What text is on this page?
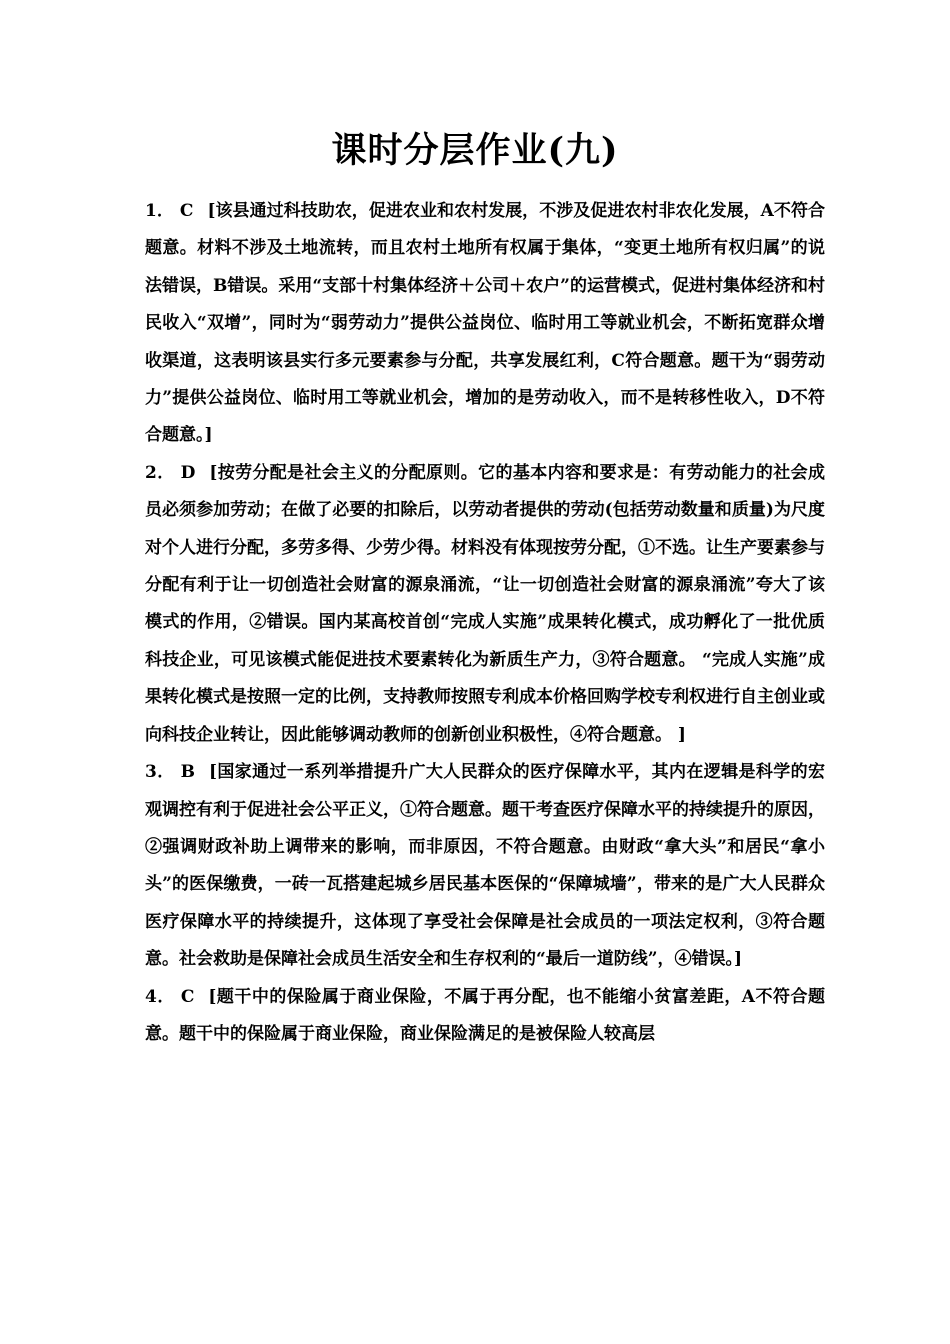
课时分层作业(九)

1． C [该县通过科技助农，促进农业和农村发展，不涉及促进农村非农化发展，A不符合题意。材料不涉及土地流转，而且农村土地所有权属于集体，“变更土地所有权归属”的说法错误，B错误。采用“支部十村集体经济＋公司＋农户”的运营模式，促进村集体经济和村民收入“双增”，同时为“弱劳动力”提供公益岗位、临时用工等就业机会，不断拓宽群众增收渠道，这表明该县实行多元要素参与分配，共享发展红利，C符合题意。题干为“弱劳动力”提供公益岗位、临时用工等就业机会，增加的是劳动收入，而不是转移性收入，D不符合题意。]

2． D [按劳分配是社会主义的分配原则。它的基本内容和要求是：有劳动能力的社会成员必须参加劳动；在做了必要的扣除后，以劳动者提供的劳动(包括劳动数量和质量)为尺度对个人进行分配，多劳多得、少劳少得。材料没有体现按劳分配，①不选。让生产要素参与分配有利于让一切创造社会财富的源泉涌流，“让一切创造社会财富的源泉涌流”夸大了该模式的作用，②错误。国内某高校首创“完成人实施”成果转化模式，成功孵化了一批优质科技企业，可见该模式能促进技术要素转化为新质生产力，③符合题意。 “完成人实施”成果转化模式是按照一定的比例，支持教师按照专利成本价格回购学校专利权进行自主创业或向科技企业转让，因此能够调动教师的创新创业积极性，④符合题意。 ]

3． B [国家通过一系列举措提升广大人民群众的医疗保障水平，其内在逻辑是科学的宏观调控有利于促进社会公平正义，①符合题意。题干考查医疗保障水平的持续提升的原因，②强调财政补助上调带来的影响，而非原因，不符合题意。由财政“拿大头”和居民“拿小头”的医保缴费，一砖一瓦搭建起城乡居民基本医保的“保障城墙”，带来的是广大人民群众医疗保障水平的持续提升，这体现了享受社会保障是社会成员的一项法定权利，③符合题意。社会救助是保障社会成员生活安全和生存权利的“最后一道防线”，④错误。]

4． C [题干中的保险属于商业保险，不属于再分配，也不能缩小贫富差距，A不符合题意。题干中的保险属于商业保险，商业保险满足的是被保险人较高层
